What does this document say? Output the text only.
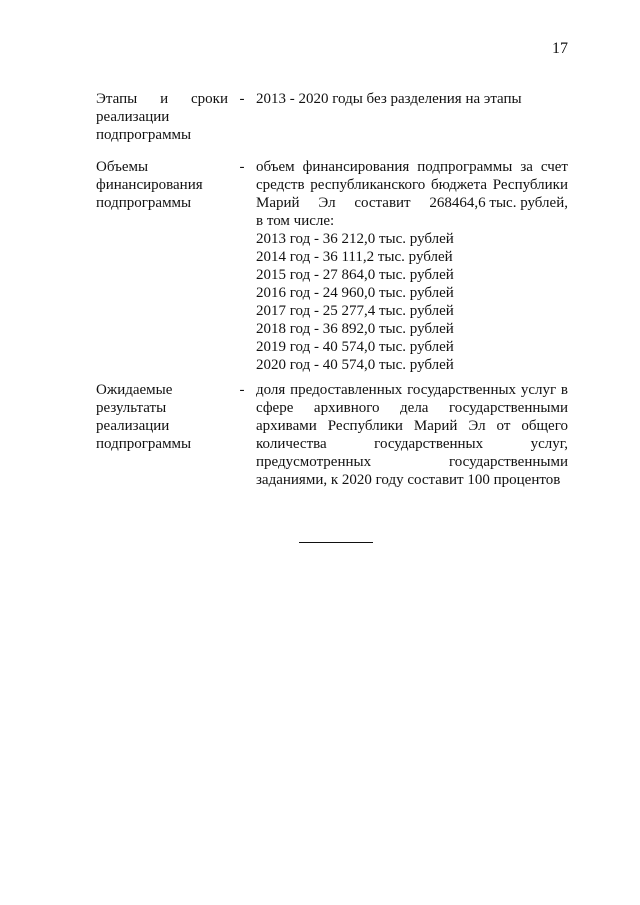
17
Этапы и сроки
реализации
подпрограммы
- 2013 - 2020 годы без разделения на этапы
Объемы
финансирования
подпрограммы
- объем финансирования подпрограммы за счет
средств республиканского бюджета Республики
Марий Эл составит 268464,6 тыс. рублей,
в том числе:
2013 год - 36 212,0 тыс. рублей
2014 год - 36 111,2 тыс. рублей
2015 год - 27 864,0 тыс. рублей
2016 год - 24 960,0 тыс. рублей
2017 год - 25 277,4 тыс. рублей
2018 год - 36 892,0 тыс. рублей
2019 год - 40 574,0 тыс. рублей
2020 год - 40 574,0 тыс. рублей
Ожидаемые
результаты
реализации
подпрограммы
- доля предоставленных государственных услуг в
сфере архивного дела государственными
архивами Республики Марий Эл от общего
количества	государственных	услуг,
предусмотренных	государственными
заданиями, к 2020 году составит 100 процентов
